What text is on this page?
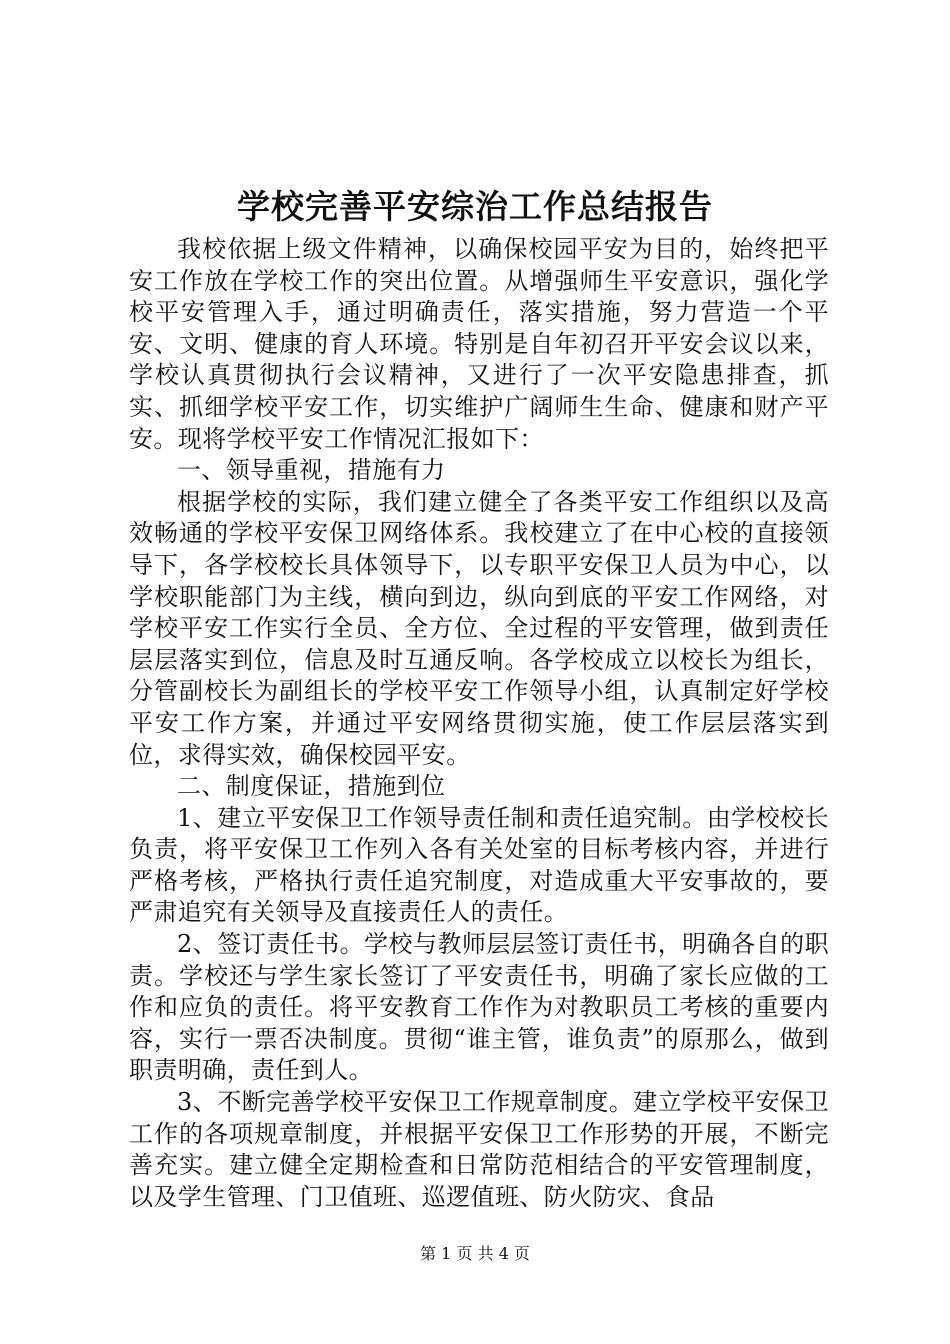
学校完善平安综治工作总结报告

我校依据上级文件精神，以确保校园平安为目的，始终把平安工作放在学校工作的突出位置。从增强师生平安意识，强化学校平安管理入手，通过明确责任，落实措施，努力营造一个平安、文明、健康的育人环境。特别是自年初召开平安会议以来，学校认真贯彻执行会议精神，又进行了一次平安隐患排查，抓实、抓细学校平安工作，切实维护广阔师生生命、健康和财产平安。现将学校平安工作情况汇报如下：

一、领导重视，措施有力

根据学校的实际，我们建立健全了各类平安工作组织以及高效畅通的学校平安保卫网络体系。我校建立了在中心校的直接领导下，各学校校长具体领导下，以专职平安保卫人员为中心，以学校职能部门为主线，横向到边，纵向到底的平安工作网络，对学校平安工作实行全员、全方位、全过程的平安管理，做到责任层层落实到位，信息及时互通反响。各学校成立以校长为组长，分管副校长为副组长的学校平安工作领导小组，认真制定好学校平安工作方案，并通过平安网络贯彻实施，使工作层层落实到位，求得实效，确保校园平安。

二、制度保证，措施到位

1、建立平安保卫工作领导责任制和责任追究制。由学校校长负责，将平安保卫工作列入各有关处室的目标考核内容，并进行严格考核，严格执行责任追究制度，对造成重大平安事故的，要严肃追究有关领导及直接责任人的责任。

2、签订责任书。学校与教师层层签订责任书，明确各自的职责。学校还与学生家长签订了平安责任书，明确了家长应做的工作和应负的责任。将平安教育工作作为对教职员工考核的重要内容，实行一票否决制度。贯彻“谁主管，谁负责”的原那么，做到职责明确，责任到人。

3、不断完善学校平安保卫工作规章制度。建立学校平安保卫工作的各项规章制度，并根据平安保卫工作形势的开展，不断完善充实。建立健全定期检查和日常防范相结合的平安管理制度，以及学生管理、门卫值班、巡逻值班、防火防灾、食品

第 1 页 共 4 页
